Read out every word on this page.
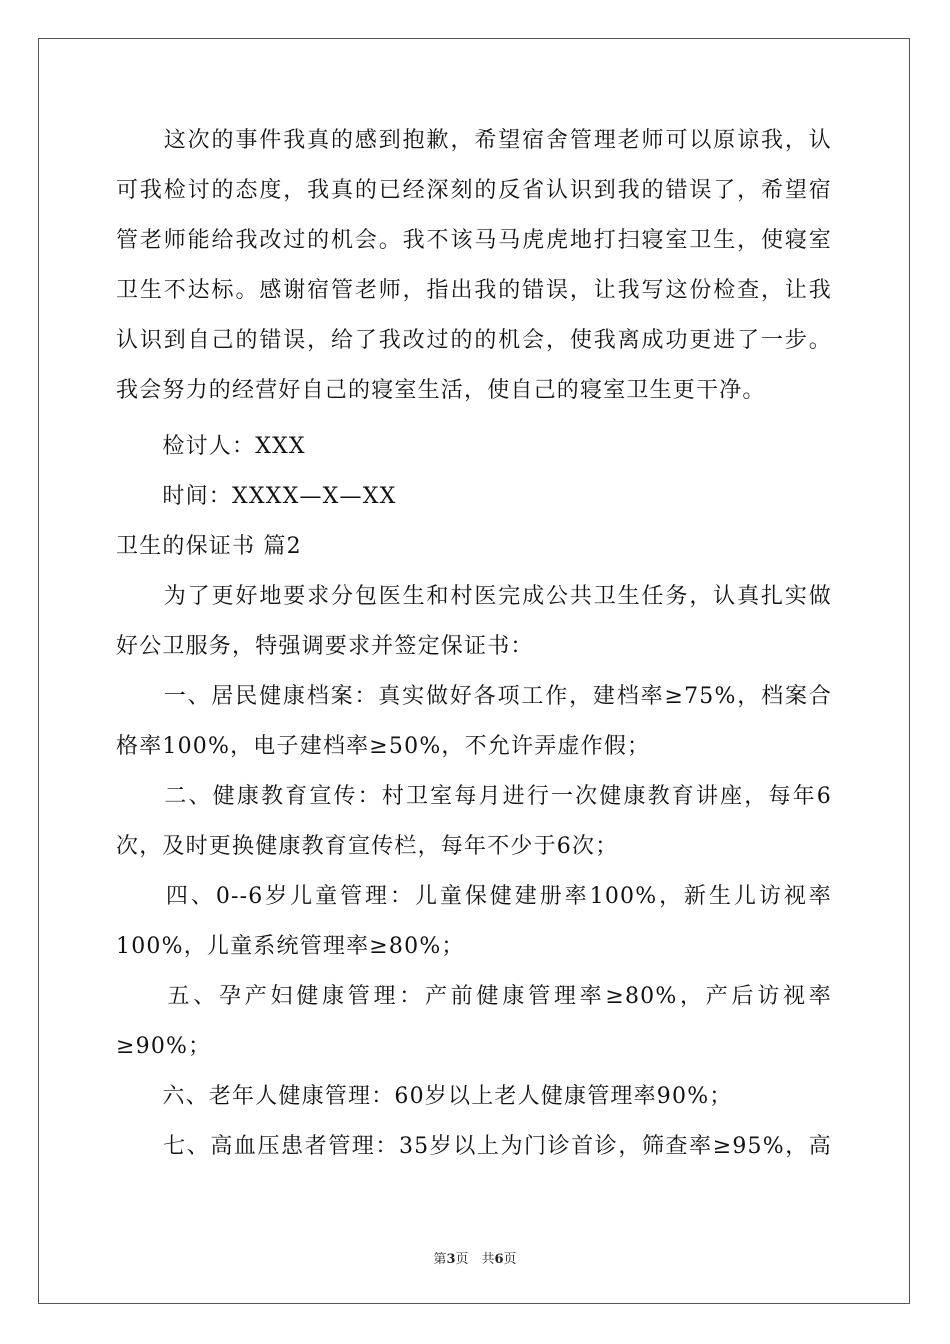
　　这次的事件我真的感到抱歉，希望宿舍管理老师可以原谅我，认
可我检讨的态度，我真的已经深刻的反省认识到我的错误了，希望宿
管老师能给我改过的机会。我不该马马虎虎地打扫寝室卫生，使寝室
卫生不达标。感谢宿管老师，指出我的错误，让我写这份检查，让我
认识到自己的错误，给了我改过的的机会，使我离成功更进了一步。
我会努力的经营好自己的寝室生活，使自己的寝室卫生更干净。
　　检讨人：XXX
　　时间：XXXX—X—XX
卫生的保证书 篇2
　　为了更好地要求分包医生和村医完成公共卫生任务，认真扎实做
好公卫服务，特强调要求并签定保证书：
　　一、居民健康档案：真实做好各项工作，建档率≥75%，档案合
格率100%，电子建档率≥50%，不允许弄虚作假；
　　二、健康教育宣传：村卫室每月进行一次健康教育讲座，每年6
次，及时更换健康教育宣传栏，每年不少于6次；
　　四、0--6岁儿童管理：儿童保健建册率100%，新生儿访视率
100%，儿童系统管理率≥80%；
　　五、孕产妇健康管理：产前健康管理率≥80%，产后访视率
≥90%；
　　六、老年人健康管理：60岁以上老人健康管理率90%；
　　七、高血压患者管理：35岁以上为门诊首诊，筛查率≥95%，高
第3页　共6页
